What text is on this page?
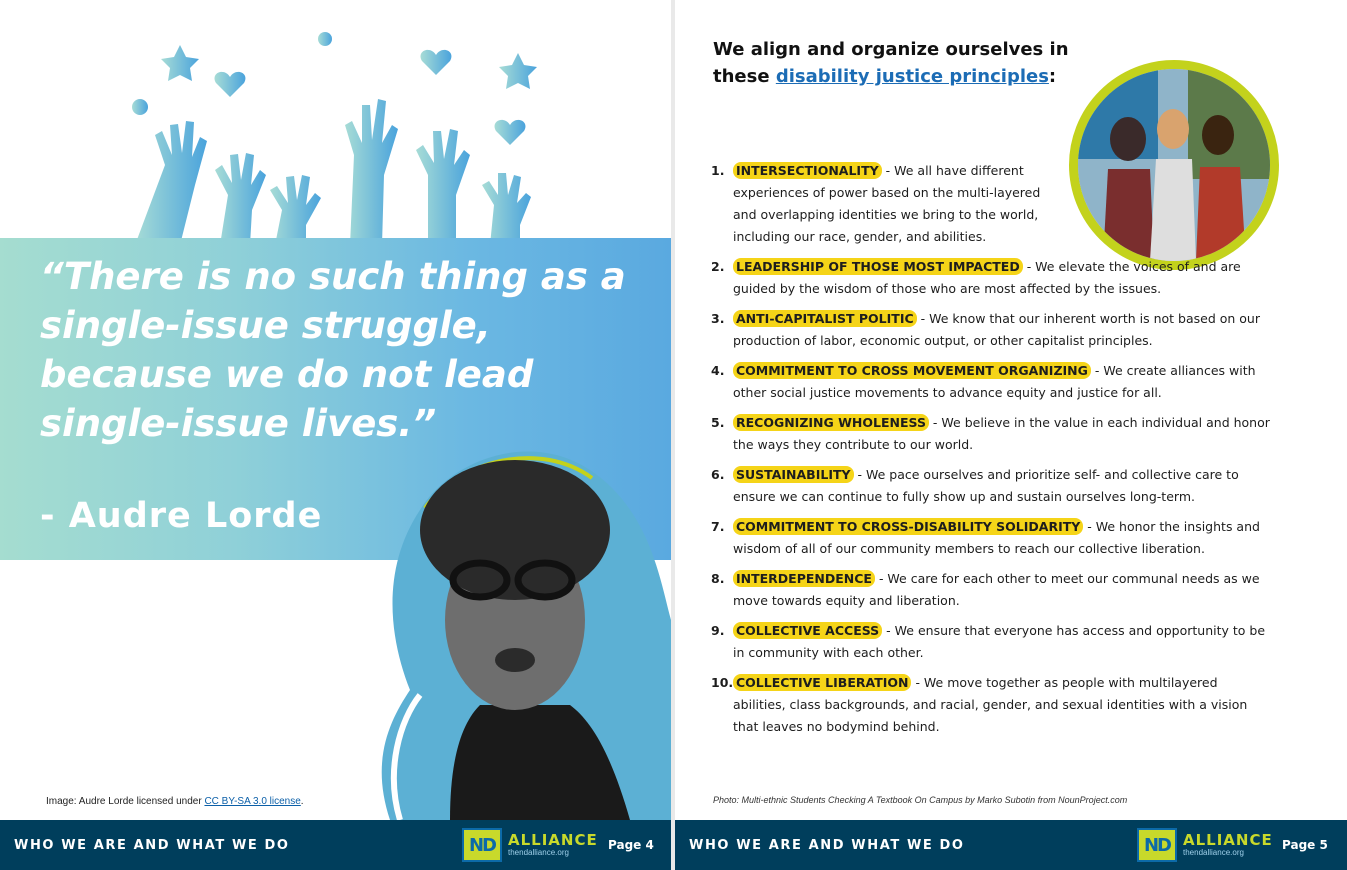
“There is no such thing as a single-issue struggle, because we do not lead single-issue lives.”
- Audre Lorde
Image: Audre Lorde licensed under CC BY-SA 3.0 license.
WHO WE ARE AND WHAT WE DO	ND ALLIANCE
thendalliance.org
Page 4
We align and organize ourselves in
these disability justice principles:
1. INTERSECTIONALITY - We all have different experiences of power based on the multi-layered and overlapping identities we bring to the world, including our race, gender, and abilities.
2. LEADERSHIP OF THOSE MOST IMPACTED - We elevate the voices of and are guided by the wisdom of those who are most affected by the issues.
3. ANTI-CAPITALIST POLITIC - We know that our inherent worth is not based on our production of labor, economic output, or other capitalist principles.
4. COMMITMENT TO CROSS MOVEMENT ORGANIZING - We create alliances with other social justice movements to advance equity and justice for all.
5. RECOGNIZING WHOLENESS - We believe in the value in each individual and honor the ways they contribute to our world.
6. SUSTAINABILITY - We pace ourselves and prioritize self- and collective care to ensure we can continue to fully show up and sustain ourselves long-term.
7. COMMITMENT TO CROSS-DISABILITY SOLIDARITY - We honor the insights and wisdom of all of our community members to reach our collective liberation.
8. INTERDEPENDENCE - We care for each other to meet our communal needs as we move towards equity and liberation.
9. COLLECTIVE ACCESS - We ensure that everyone has access and opportunity to be in community with each other.
10. COLLECTIVE LIBERATION - We move together as people with multilayered abilities, class backgrounds, and racial, gender, and sexual identities with a vision that leaves no bodymind behind.
Photo: Multi-ethnic Students Checking A Textbook On Campus by Marko Subotin from NounProject.com
WHO WE ARE AND WHAT WE DO	ND ALLIANCE
thendalliance.org
Page 5
